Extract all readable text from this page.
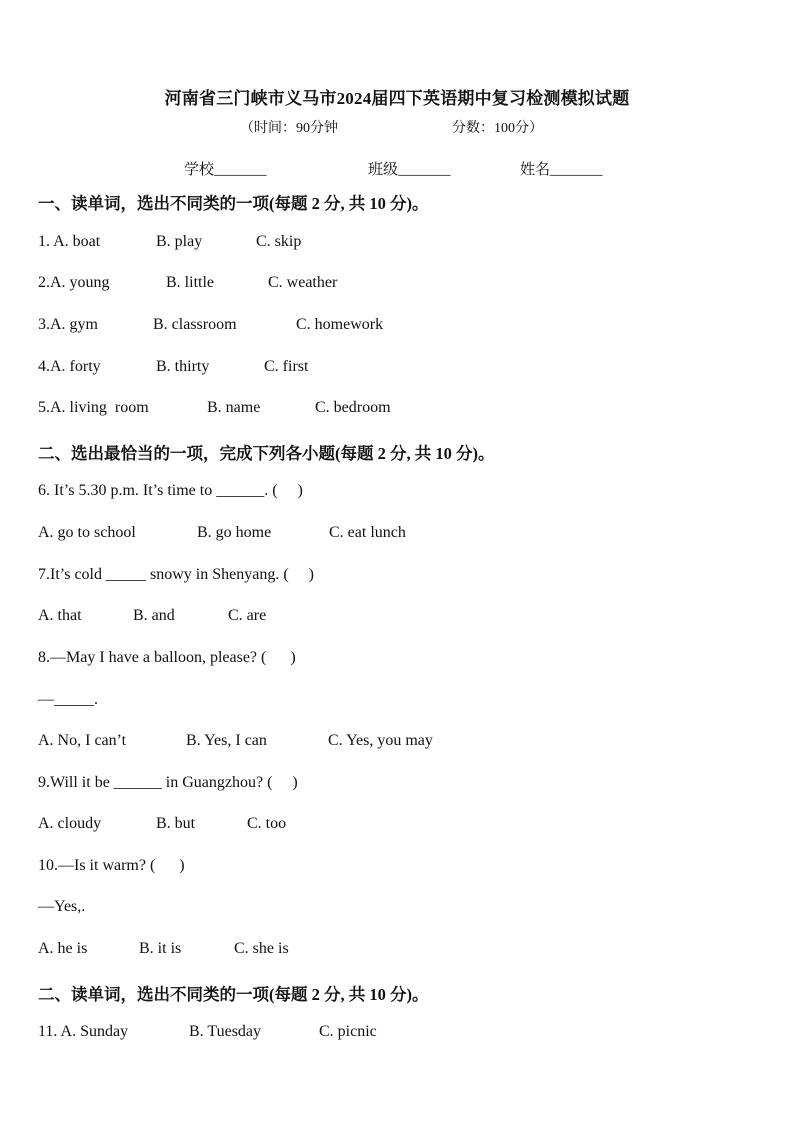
河南省三门峡市义马市2024届四下英语期中复习检测模拟试题
（时间：90分钟	分数：100分）
学校_______	班级_______	姓名_______
一、读单词，选出不同类的一项(每题 2 分, 共 10 分)。
1. A. boat	B. play	C. skip
2.A. young	B. little	C. weather
3.A. gym	B. classroom	C. homework
4.A. forty	B. thirty	C. first
5.A. living  room	B. name	C. bedroom
二、选出最恰当的一项，完成下列各小题(每题 2 分, 共 10 分)。
6. It’s 5.30 p.m. It’s time to ______. (     )
A. go to school	B. go home	C. eat lunch
7.It’s cold _____ snowy in Shenyang. (     )
A. that	B. and	C. are
8.—May I have a balloon, please? (      )
—_____.
A. No, I can’t	B. Yes, I can	C. Yes, you may
9.Will it be ______ in Guangzhou? (     )
A. cloudy	B. but	C. too
10.—Is it warm? (      )
—Yes,.
A. he is	B. it is	C. she is
二、读单词，选出不同类的一项(每题 2 分, 共 10 分)。
11. A. Sunday	B. Tuesday	C. picnic
